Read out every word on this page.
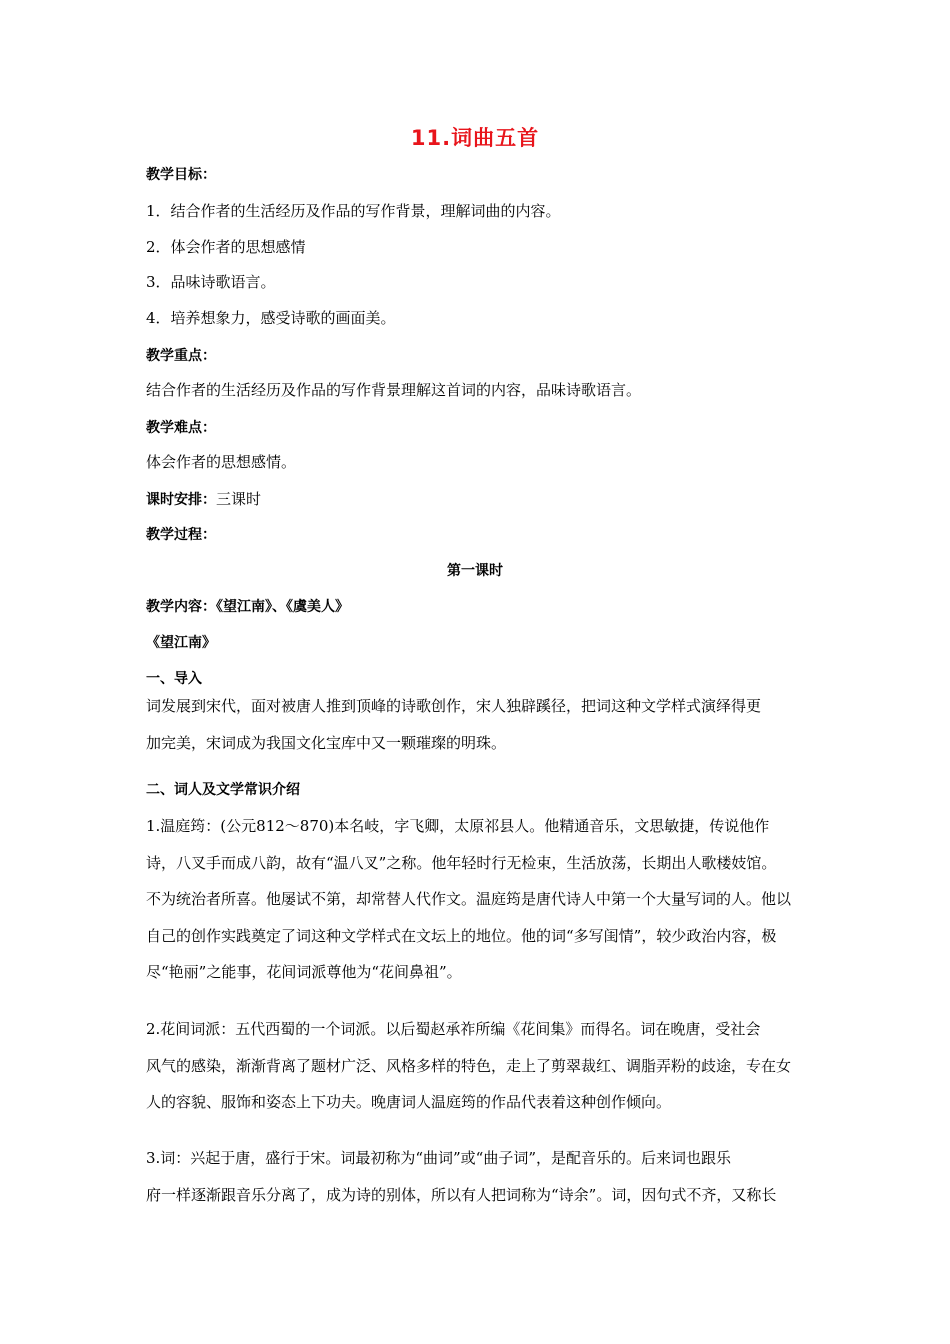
11.词曲五首
教学目标：
1．结合作者的生活经历及作品的写作背景，理解词曲的内容。
2．体会作者的思想感情
3．品味诗歌语言。
4．培养想象力，感受诗歌的画面美。
教学重点：
结合作者的生活经历及作品的写作背景理解这首词的内容，品味诗歌语言。
教学难点：
体会作者的思想感情。
课时安排：三课时
教学过程：
第一课时
教学内容：《望江南》、《虞美人》
《望江南》
一、导入

词发展到宋代，面对被唐人推到顶峰的诗歌创作，宋人独辟蹊径，把词这种文学样式演绎得更

加完美，宋词成为我国文化宝库中又一颗璀璨的明珠。

二、词人及文学常识介绍

1.温庭筠：(公元812～870)本名岐，字飞卿，太原祁县人。他精通音乐，文思敏捷，传说他作

诗，八叉手而成八韵，故有“温八叉”之称。他年轻时行无检束，生活放荡，长期出人歌楼妓馆。

不为统治者所喜。他屡试不第，却常替人代作文。温庭筠是唐代诗人中第一个大量写词的人。他以

自己的创作实践奠定了词这种文学样式在文坛上的地位。他的词“多写闺情”，较少政治内容，极

尽“艳丽”之能事，花间词派尊他为“花间鼻祖”。

2.花间词派：五代西蜀的一个词派。以后蜀赵承祚所编《花间集》而得名。词在晚唐，受社会

风气的感染，渐渐背离了题材广泛、风格多样的特色，走上了剪翠裁红、调脂弄粉的歧途，专在女

人的容貌、服饰和姿态上下功夫。晚唐词人温庭筠的作品代表着这种创作倾向。

3.词：兴起于唐，盛行于宋。词最初称为“曲词”或“曲子词”，是配音乐的。后来词也跟乐

府一样逐渐跟音乐分离了，成为诗的别体，所以有人把词称为“诗余”。词，因句式不齐，又称长
